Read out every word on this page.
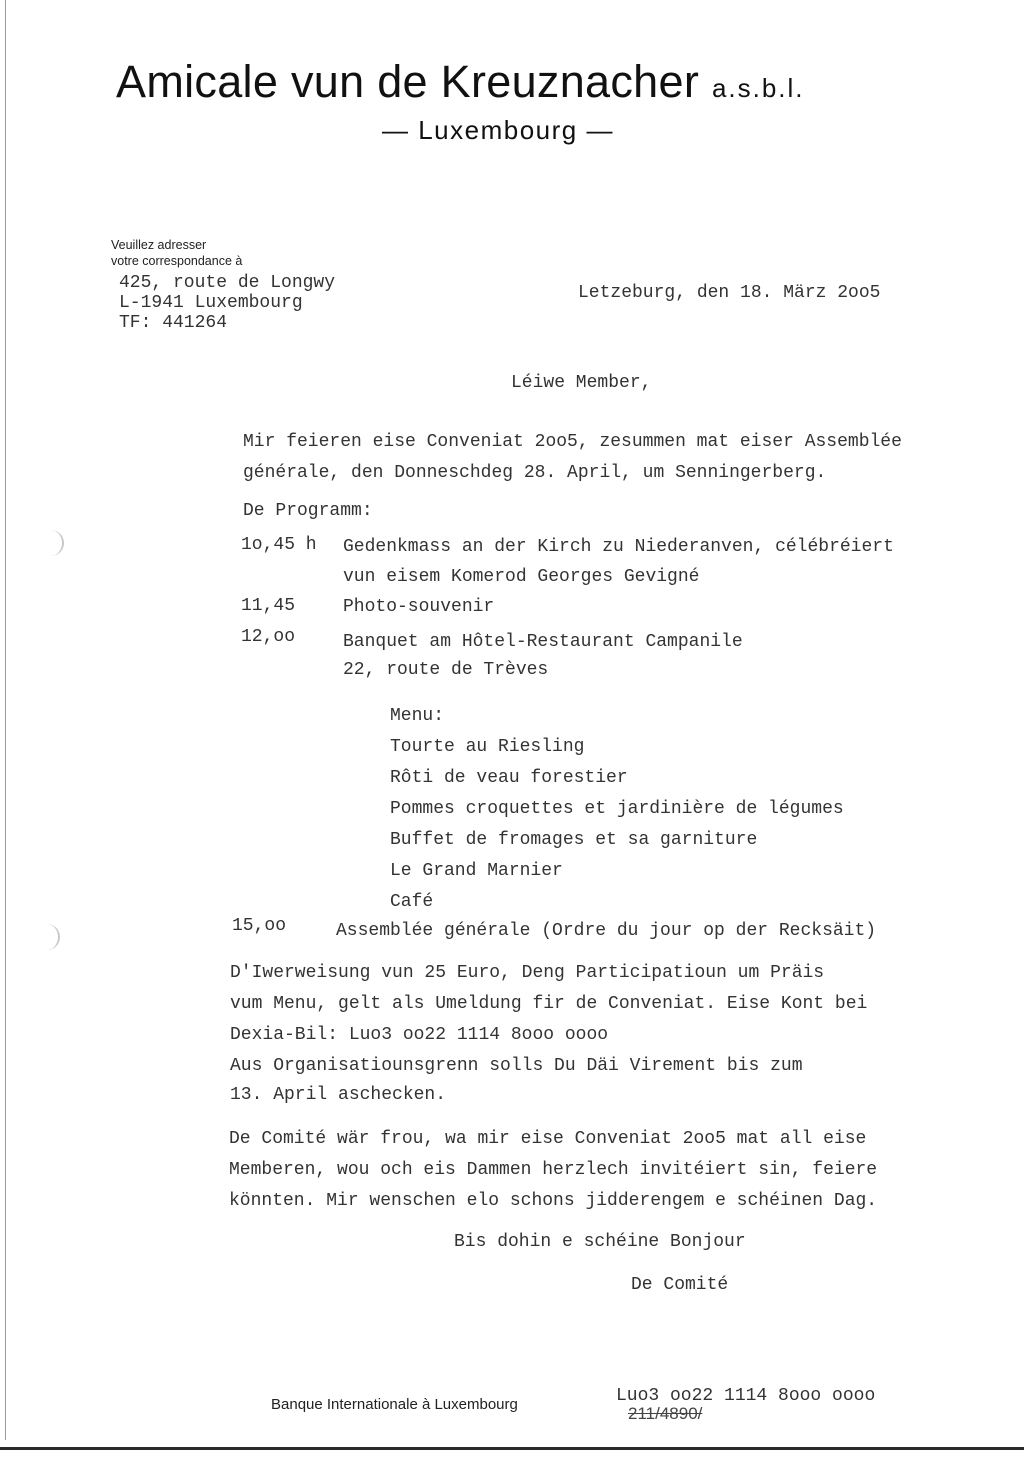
Amicale vun de Kreuznacher a.s.b.l.
— Luxembourg —
Veuillez adresser
votre correspondance à
425, route de Longwy
L-1941 Luxembourg
TF: 441264
Letzeburg, den 18. März 2oo5
Léiwe Member,
Mir feieren eise Conveniat 2oo5, zesummen mat eiser Assemblée
générale, den Donneschdeg 28. April, um Senningerberg.
De Programm:
1o,45 h Gedenkmass an der Kirch zu Niederanven, célébréiert
vun eisem Komerod Georges Gevigné
11,45	Photo-souvenir
12,oo	Banquet am Hôtel-Restaurant Campanile
22, route de Trèves
Menu:
Tourte au Riesling
Rôti de veau forestier
Pommes croquettes et jardinière de légumes
Buffet de fromages et sa garniture
Le Grand Marnier
Café
15,oo	Assemblée générale (Ordre du jour op der Recksäit)
D'Iwerweisung vun 25 Euro, Deng Participatioun um Präis
vum Menu, gelt als Umeldung fir de Conveniat. Eise Kont bei
Dexia-Bil: Luo3 oo22 1114 8ooo oooo
Aus Organisatiounsgrenn solls Du Däi Virement bis zum
13. April aschecken.
De Comité wär frou, wa mir eise Conveniat 2oo5 mat all eise
Memberen, wou och eis Dammen herzlech invitéiert sin, feiere
könnten. Mir wenschen elo schons jidderengem e schéinen Dag.
Bis dohin e schéine Bonjour
De Comité
Luo3 oo22 1114 8ooo oooo
Banque Internationale à Luxembourg	211/4890/
